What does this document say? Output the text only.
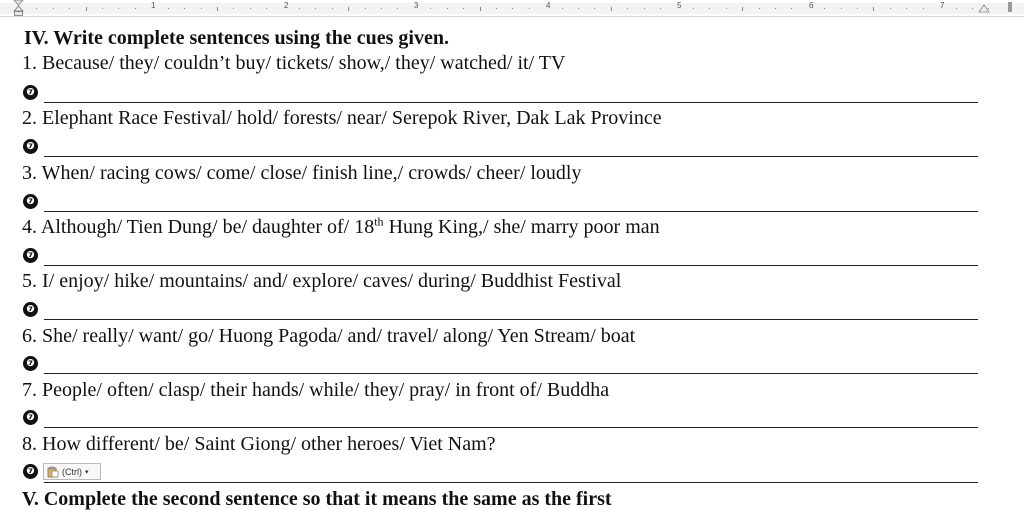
1	2	3	4	5	6	7
IV. Write complete sentences using the cues given.
1. Because/ they/ couldn’t buy/ tickets/ show,/ they/ watched/ it/ TV
❼
2. Elephant Race Festival/ hold/ forests/ near/ Serepok River, Dak Lak Province
❼
3. When/ racing cows/ come/ close/ finish line,/ crowds/ cheer/ loudly
❼
4. Although/ Tien Dung/ be/ daughter of/ 18th Hung King,/ she/ marry poor man
❼
5. I/ enjoy/ hike/ mountains/ and/ explore/ caves/ during/ Buddhist Festival
❼
6. She/ really/ want/ go/ Huong Pagoda/ and/ travel/ along/ Yen Stream/ boat
❼
7. People/ often/ clasp/ their hands/ while/ they/ pray/ in front of/ Buddha
❼
8. How different/ be/ Saint Giong/ other heroes/ Viet Nam?
❼	(Ctrl) ▾
V. Complete the second sentence so that it means the same as the first
